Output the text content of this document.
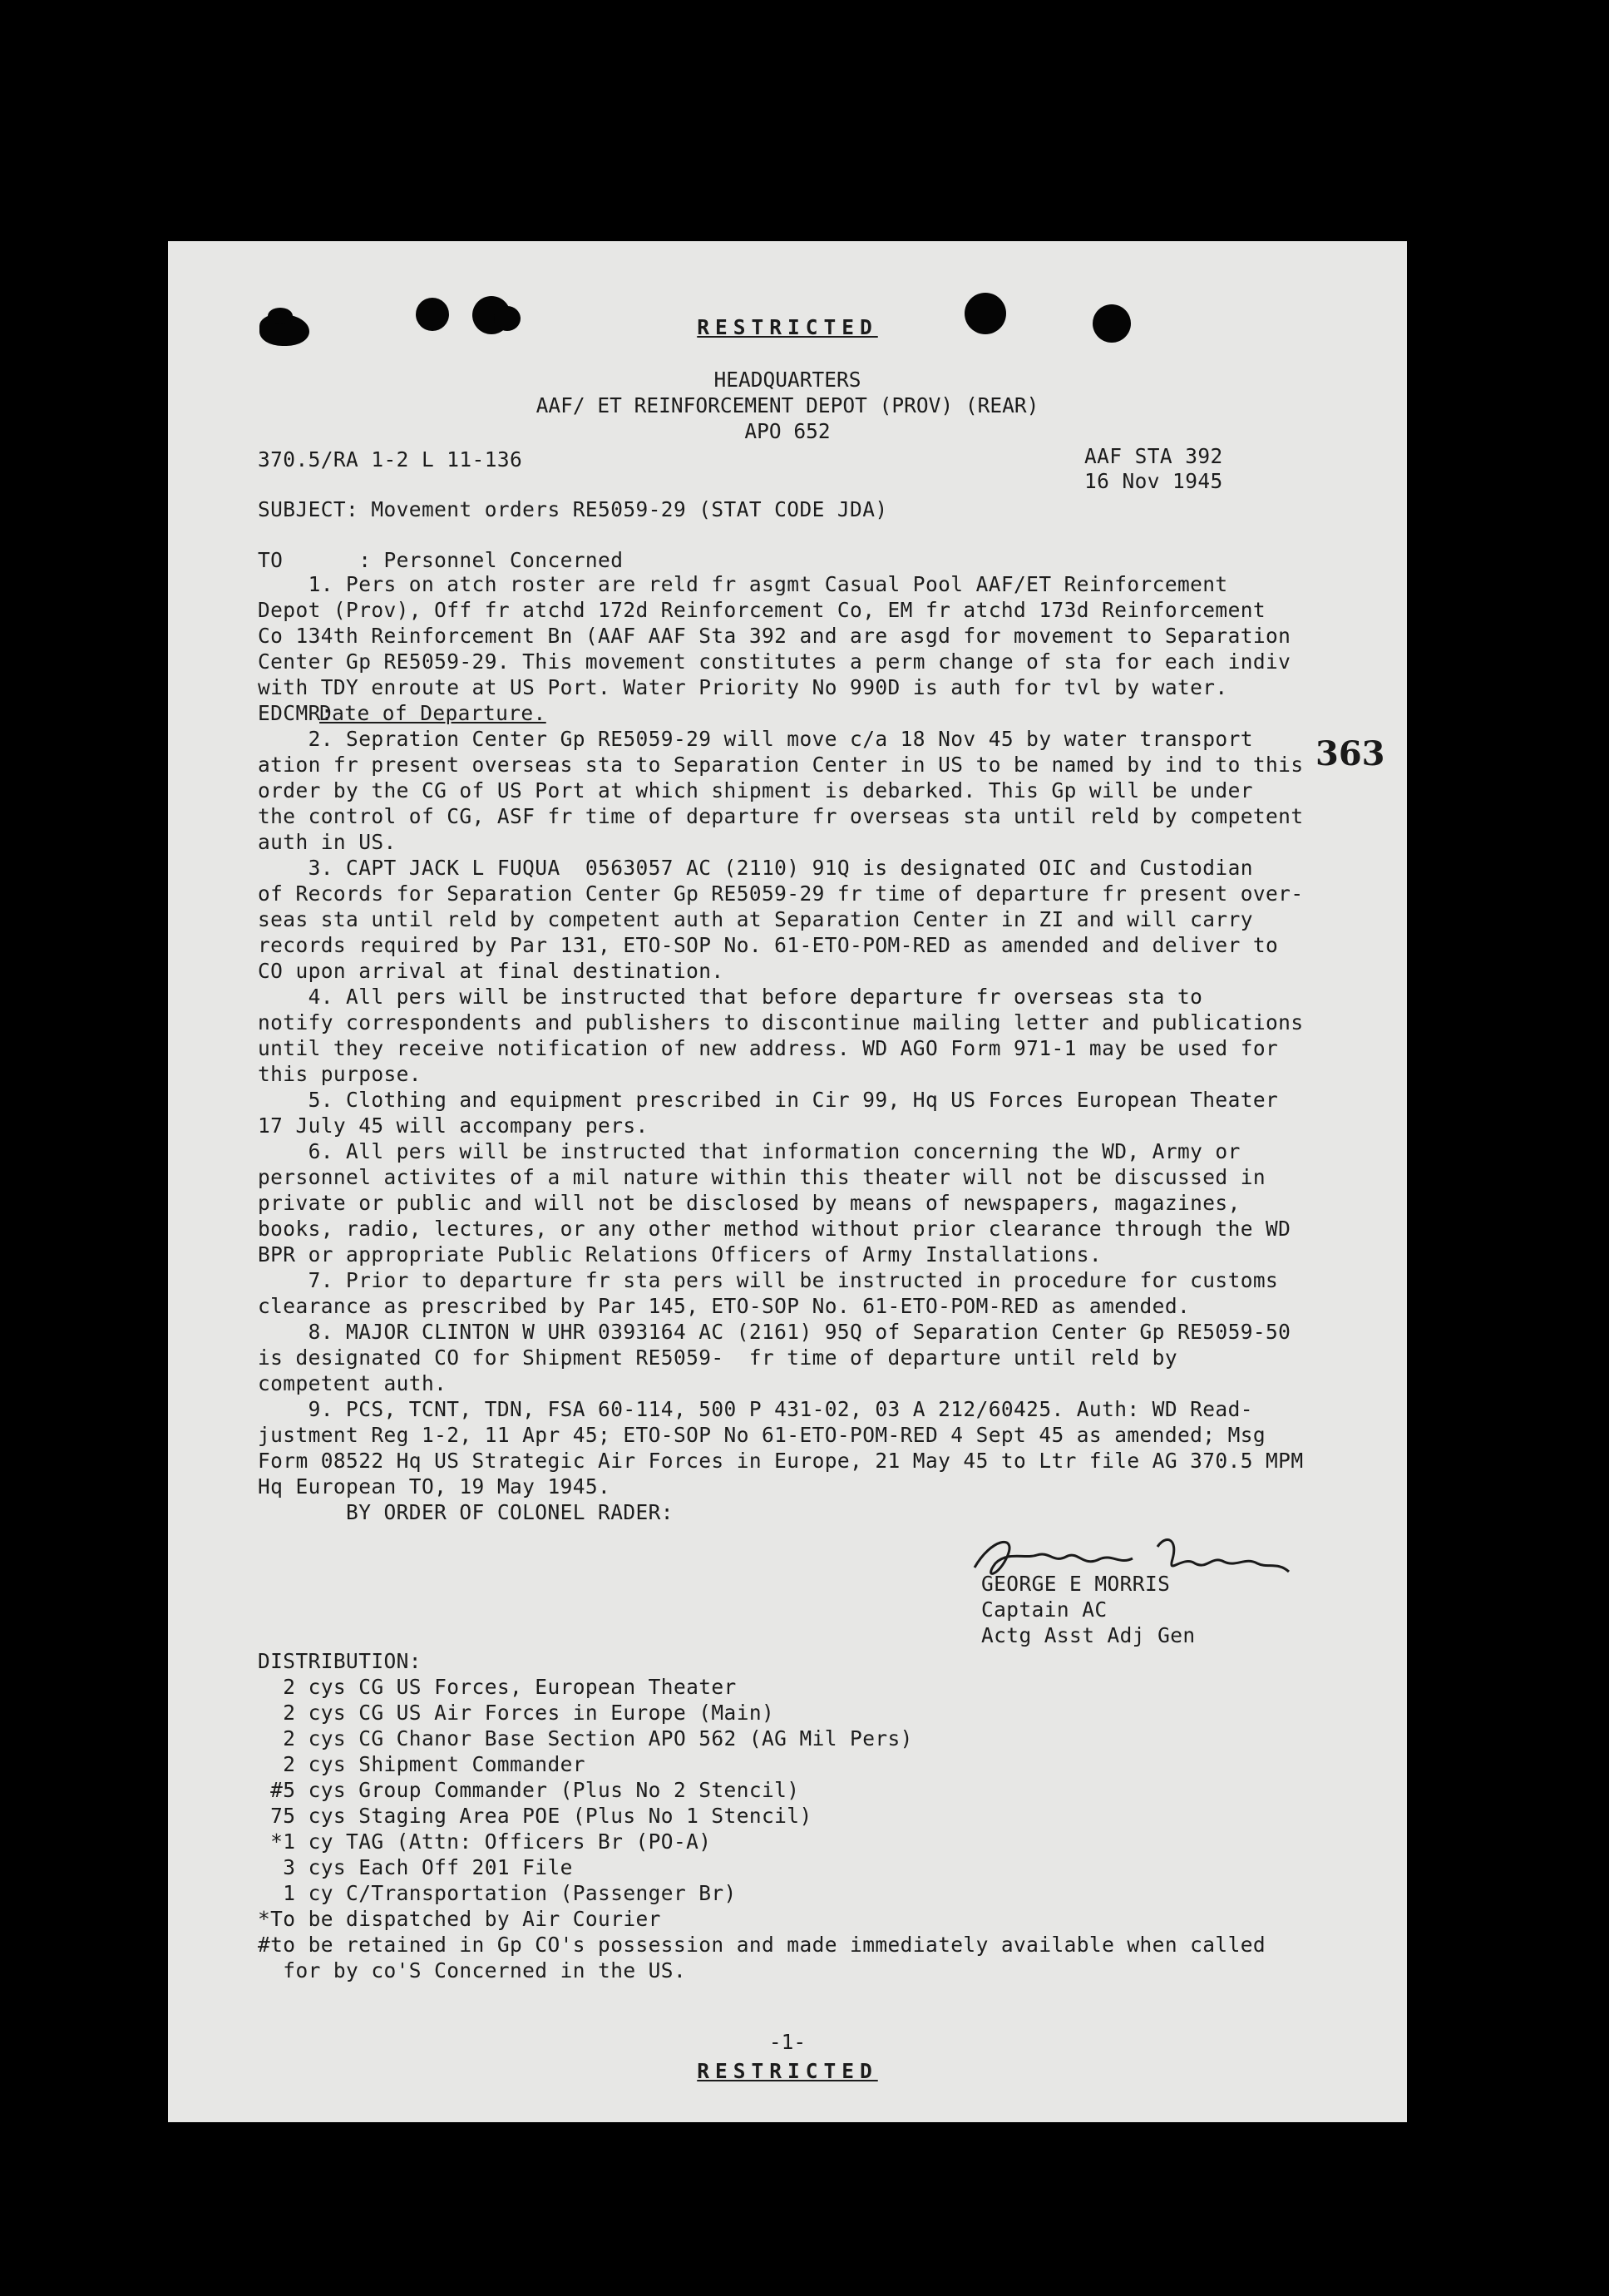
RESTRICTED
HEADQUARTERS
AAF/ ET REINFORCEMENT DEPOT (PROV) (REAR)
APO 652
370.5/RA 1-2 L 11-136	AAF STA 392
16 Nov 1945
SUBJECT: Movement orders RE5059-29 (STAT CODE JDA)
TO      : Personnel Concerned
1. Pers on atch roster are reld fr asgmt Casual Pool AAF/ET Reinforcement
Depot (Prov), Off fr atchd 172d Reinforcement Co, EM fr atchd 173d Reinforcement
Co 134th Reinforcement Bn (AAF AAF Sta 392 and are asgd for movement to Separation
Center Gp RE5059-29. This movement constitutes a perm change of sta for each indiv
with TDY enroute at US Port. Water Priority No 990D is auth for tvl by water.
EDCMR:
Date of Departure.
363
2. Sepration Center Gp RE5059-29 will move c/a 18 Nov 45 by water transport
ation fr present overseas sta to Separation Center in US to be named by ind to this
order by the CG of US Port at which shipment is debarked. This Gp will be under
the control of CG, ASF fr time of departure fr overseas sta until reld by competent
auth in US.
3. CAPT JACK L FUQUA  0563057 AC (2110) 91Q is designated OIC and Custodian
of Records for Separation Center Gp RE5059-29 fr time of departure fr present over-
seas sta until reld by competent auth at Separation Center in ZI and will carry
records required by Par 131, ETO-SOP No. 61-ETO-POM-RED as amended and deliver to
CO upon arrival at final destination.
4. All pers will be instructed that before departure fr overseas sta to
notify correspondents and publishers to discontinue mailing letter and publications
until they receive notification of new address. WD AGO Form 971-1 may be used for
this purpose.
5. Clothing and equipment prescribed in Cir 99, Hq US Forces European Theater
17 July 45 will accompany pers.
6. All pers will be instructed that information concerning the WD, Army or
personnel activites of a mil nature within this theater will not be discussed in
private or public and will not be disclosed by means of newspapers, magazines,
books, radio, lectures, or any other method without prior clearance through the WD
BPR or appropriate Public Relations Officers of Army Installations.
7. Prior to departure fr sta pers will be instructed in procedure for customs
clearance as prescribed by Par 145, ETO-SOP No. 61-ETO-POM-RED as amended.
8. MAJOR CLINTON W UHR 0393164 AC (2161) 95Q of Separation Center Gp RE5059-50
is designated CO for Shipment RE5059-  fr time of departure until reld by
competent auth.
9. PCS, TCNT, TDN, FSA 60-114, 500 P 431-02, 03 A 212/60425. Auth: WD Read-
justment Reg 1-2, 11 Apr 45; ETO-SOP No 61-ETO-POM-RED 4 Sept 45 as amended; Msg
Form 08522 Hq US Strategic Air Forces in Europe, 21 May 45 to Ltr file AG 370.5 MPM
Hq European TO, 19 May 1945.
BY ORDER OF COLONEL RADER:
GEORGE E MORRIS
Captain AC
Actg Asst Adj Gen
DISTRIBUTION:
2 cys CG US Forces, European Theater
2 cys CG US Air Forces in Europe (Main)
2 cys CG Chanor Base Section APO 562 (AG Mil Pers)
2 cys Shipment Commander
#5 cys Group Commander (Plus No 2 Stencil)
75 cys Staging Area POE (Plus No 1 Stencil)
*1 cy TAG (Attn: Officers Br (PO-A)
3 cys Each Off 201 File
1 cy C/Transportation (Passenger Br)
*To be dispatched by Air Courier
#to be retained in Gp CO's possession and made immediately available when called
for by co'S Concerned in the US.
-1-
RESTRICTED
